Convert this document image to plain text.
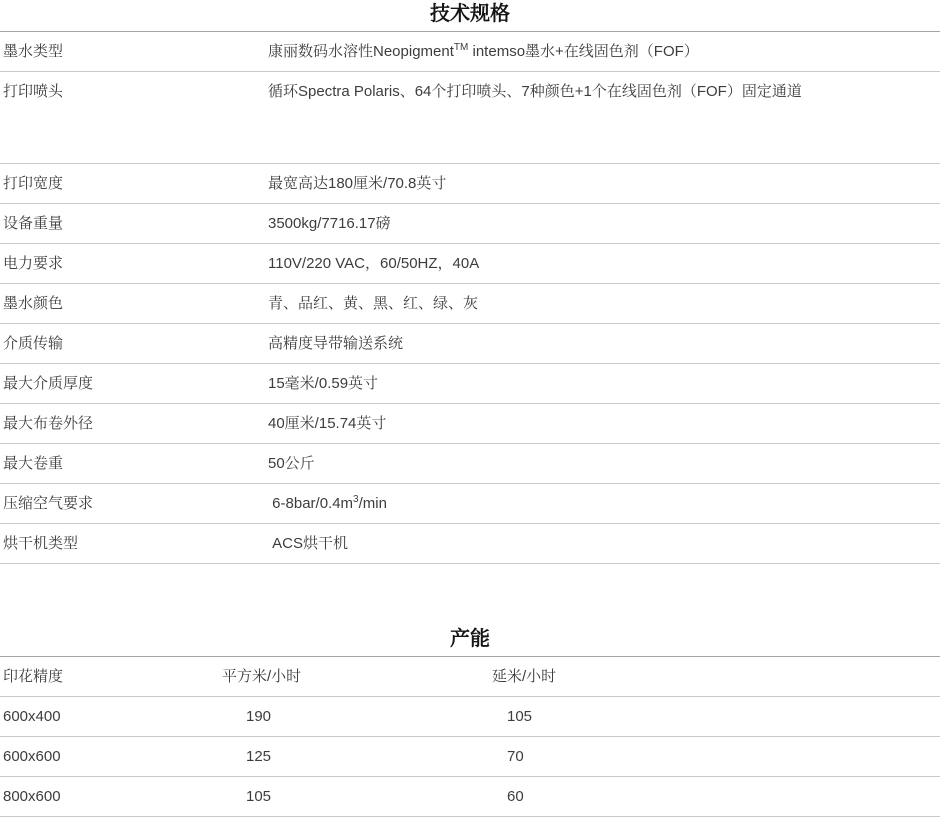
技术规格
墨水类型	康丽数码水溶性Neopigment™ intemso墨水+在线固色剂（FOF）
打印喷头	循环Spectra Polaris、64个打印喷头、7种颜色+1个在线固色剂（FOF）固定通道
打印宽度	最宽高达180厘米/70.8英寸
设备重量	3500kg/7716.17磅
电力要求	110V/220 VAC，60/50HZ，40A
墨水颜色	青、品红、黄、黑、红、绿、灰
介质传输	高精度导带输送系统
最大介质厚度	15毫米/0.59英寸
最大布卷外径	40厘米/15.74英寸
最大卷重	50公斤
压缩空气要求	$6-8bar/0.4m^3/\min$
烘干机类型	ACS烘干机
产能
印花精度	平方米/小时	延米/小时
600x400	190	105
600x600	125	70
800x600	105	60
